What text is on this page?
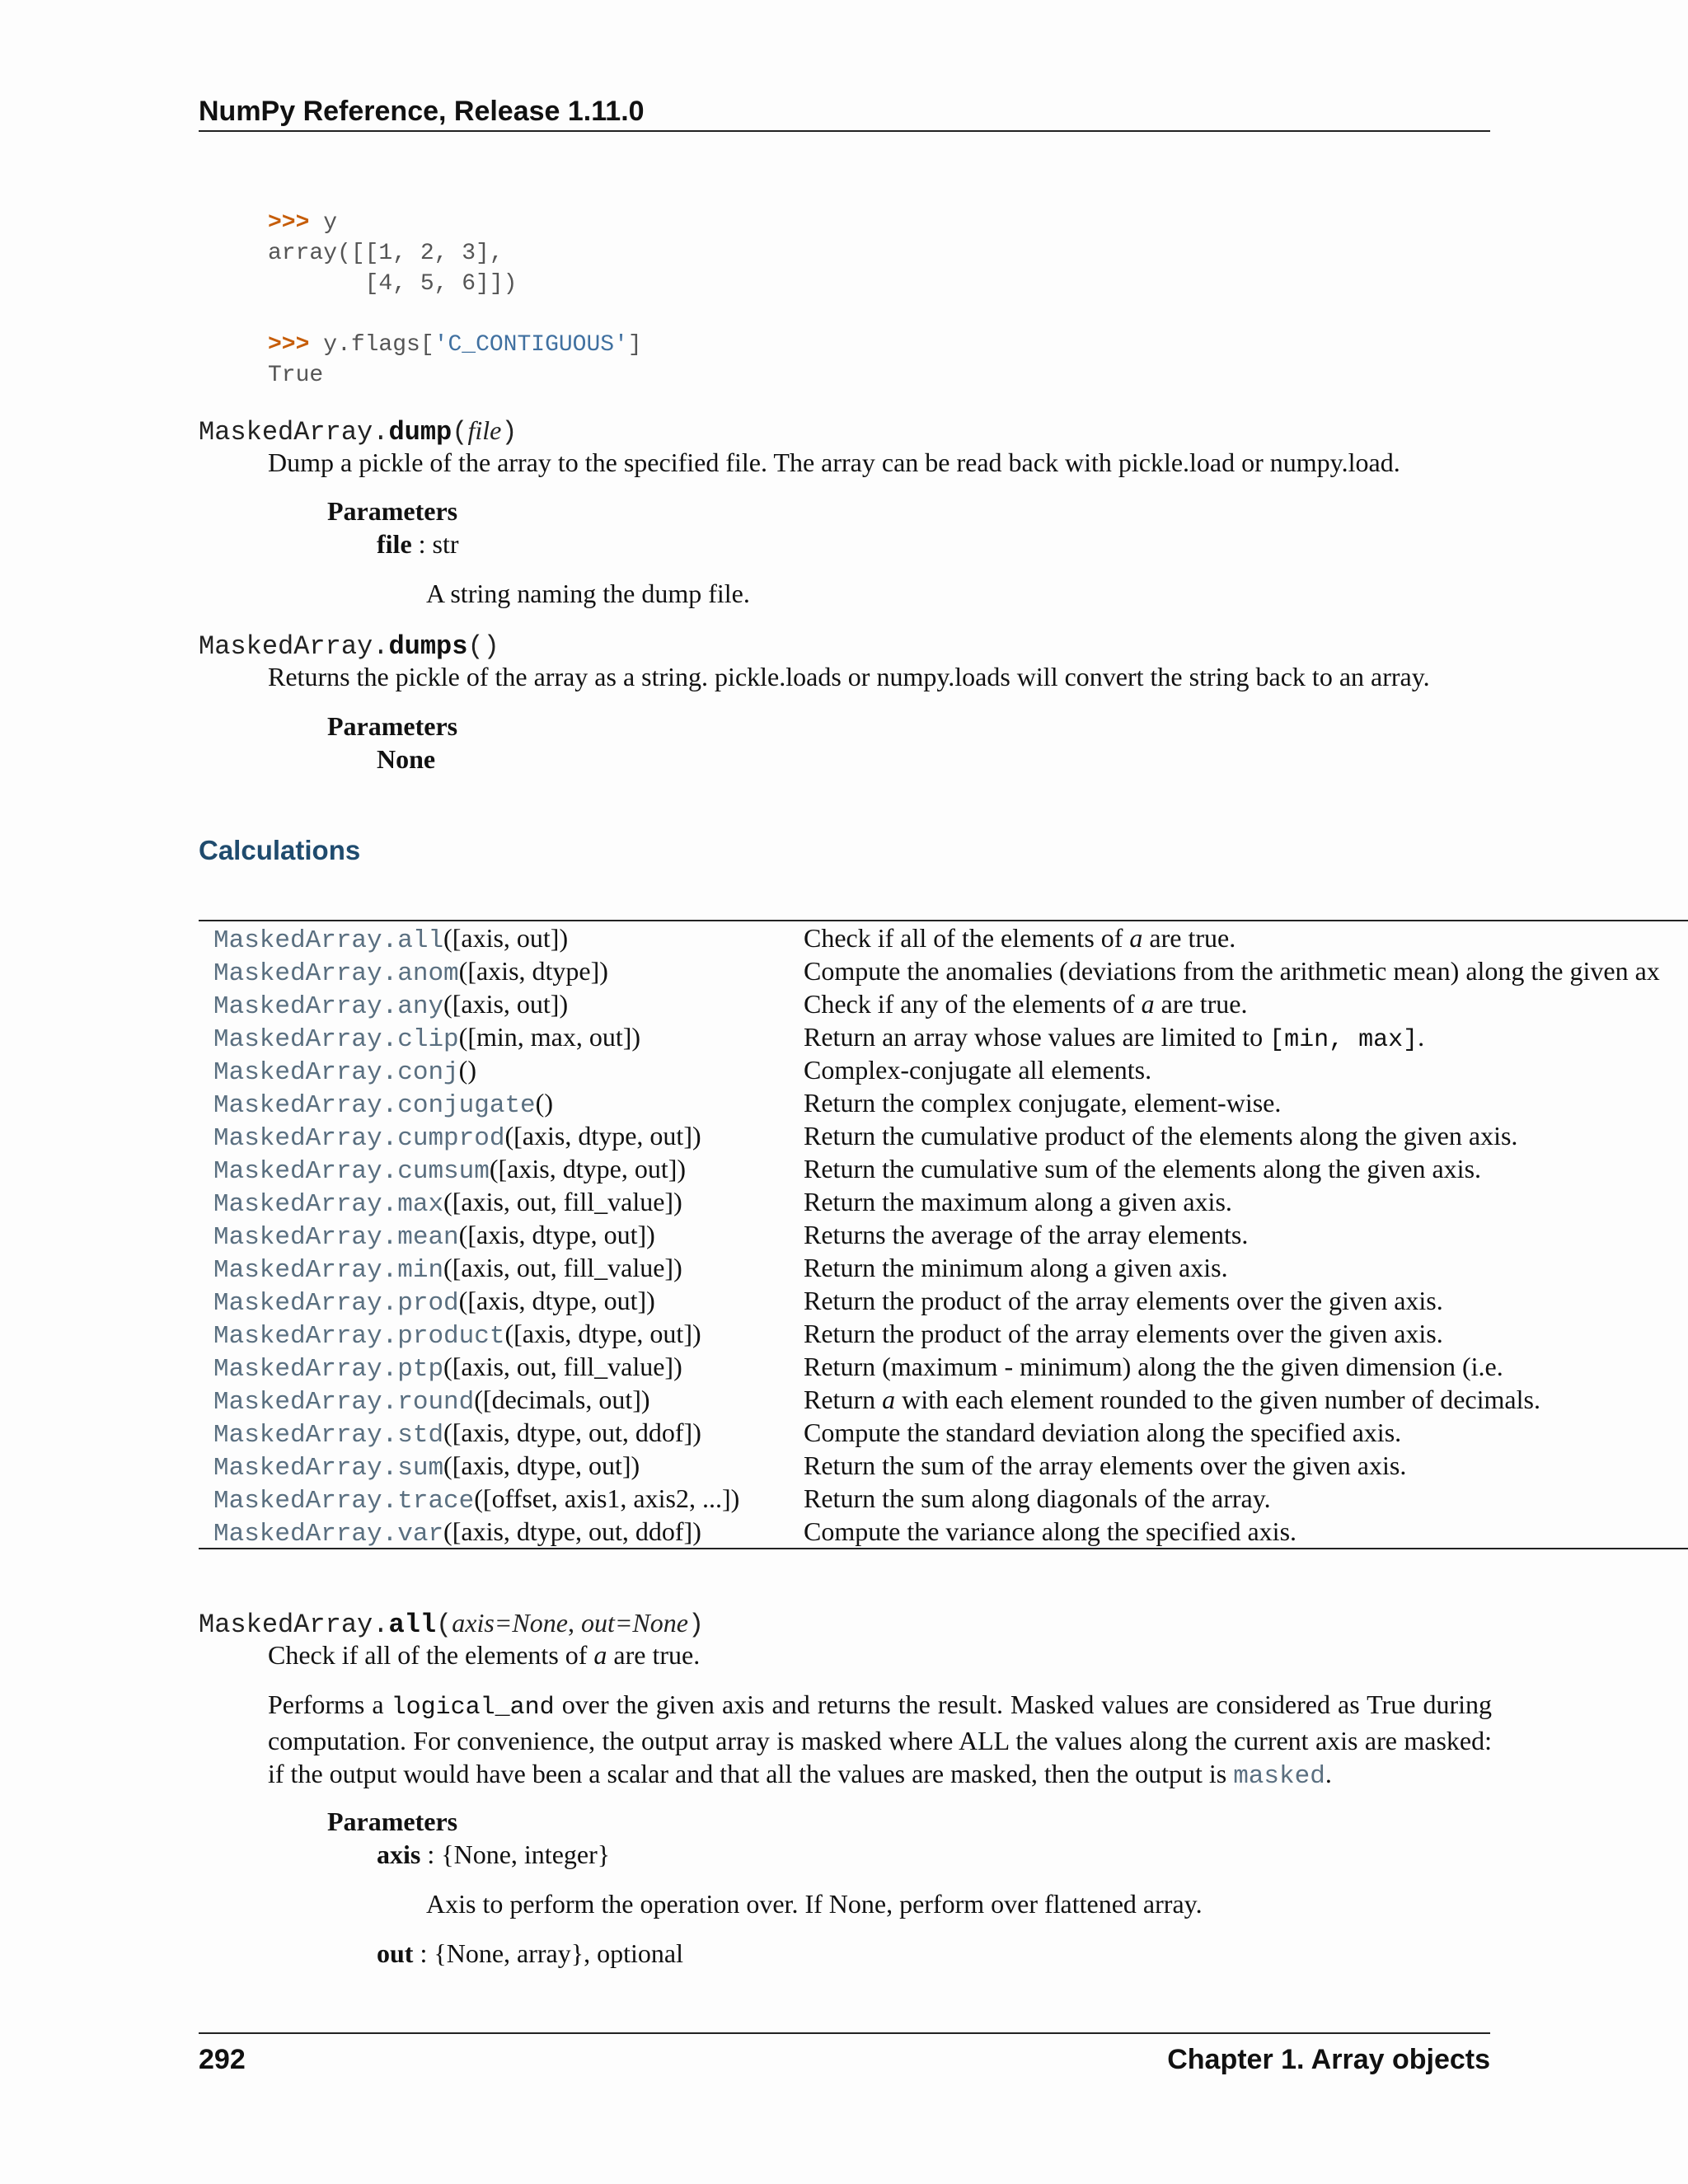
NumPy Reference, Release 1.11.0
>>> y
array([[1, 2, 3],
[4, 5, 6]])

>>> y.flags['C_CONTIGUOUS']
True
MaskedArray.dump(file)
Dump a pickle of the array to the specified file. The array can be read back with pickle.load or numpy.load.
Parameters
file : str
A string naming the dump file.
MaskedArray.dumps()
Returns the pickle of the array as a string. pickle.loads or numpy.loads will convert the string back to an array.
Parameters
None
Calculations
MaskedArray.all([axis, out])	Check if all of the elements of a are true.
MaskedArray.anom([axis, dtype])	Compute the anomalies (deviations from the arithmetic mean) along the given ax
MaskedArray.any([axis, out])	Check if any of the elements of a are true.
MaskedArray.clip([min, max, out])	Return an array whose values are limited to [min, max].
MaskedArray.conj()	Complex-conjugate all elements.
MaskedArray.conjugate()	Return the complex conjugate, element-wise.
MaskedArray.cumprod([axis, dtype, out])	Return the cumulative product of the elements along the given axis.
MaskedArray.cumsum([axis, dtype, out])	Return the cumulative sum of the elements along the given axis.
MaskedArray.max([axis, out, fill_value])	Return the maximum along a given axis.
MaskedArray.mean([axis, dtype, out])	Returns the average of the array elements.
MaskedArray.min([axis, out, fill_value])	Return the minimum along a given axis.
MaskedArray.prod([axis, dtype, out])	Return the product of the array elements over the given axis.
MaskedArray.product([axis, dtype, out])	Return the product of the array elements over the given axis.
MaskedArray.ptp([axis, out, fill_value])	Return (maximum - minimum) along the the given dimension (i.e.
MaskedArray.round([decimals, out])	Return a with each element rounded to the given number of decimals.
MaskedArray.std([axis, dtype, out, ddof])	Compute the standard deviation along the specified axis.
MaskedArray.sum([axis, dtype, out])	Return the sum of the array elements over the given axis.
MaskedArray.trace([offset, axis1, axis2, ...]) Return the sum along diagonals of the array.
MaskedArray.var([axis, dtype, out, ddof])	Compute the variance along the specified axis.
MaskedArray.all(axis=None, out=None)
Check if all of the elements of a are true.

Performs a logical_and over the given axis and returns the result. Masked values are considered as True during computation. For convenience, the output array is masked where ALL the values along the current axis are masked: if the output would have been a scalar and that all the values are masked, then the output is masked.

Parameters
axis : {None, integer}
Axis to perform the operation over. If None, perform over flattened array.
out : {None, array}, optional
292	Chapter 1. Array objects
